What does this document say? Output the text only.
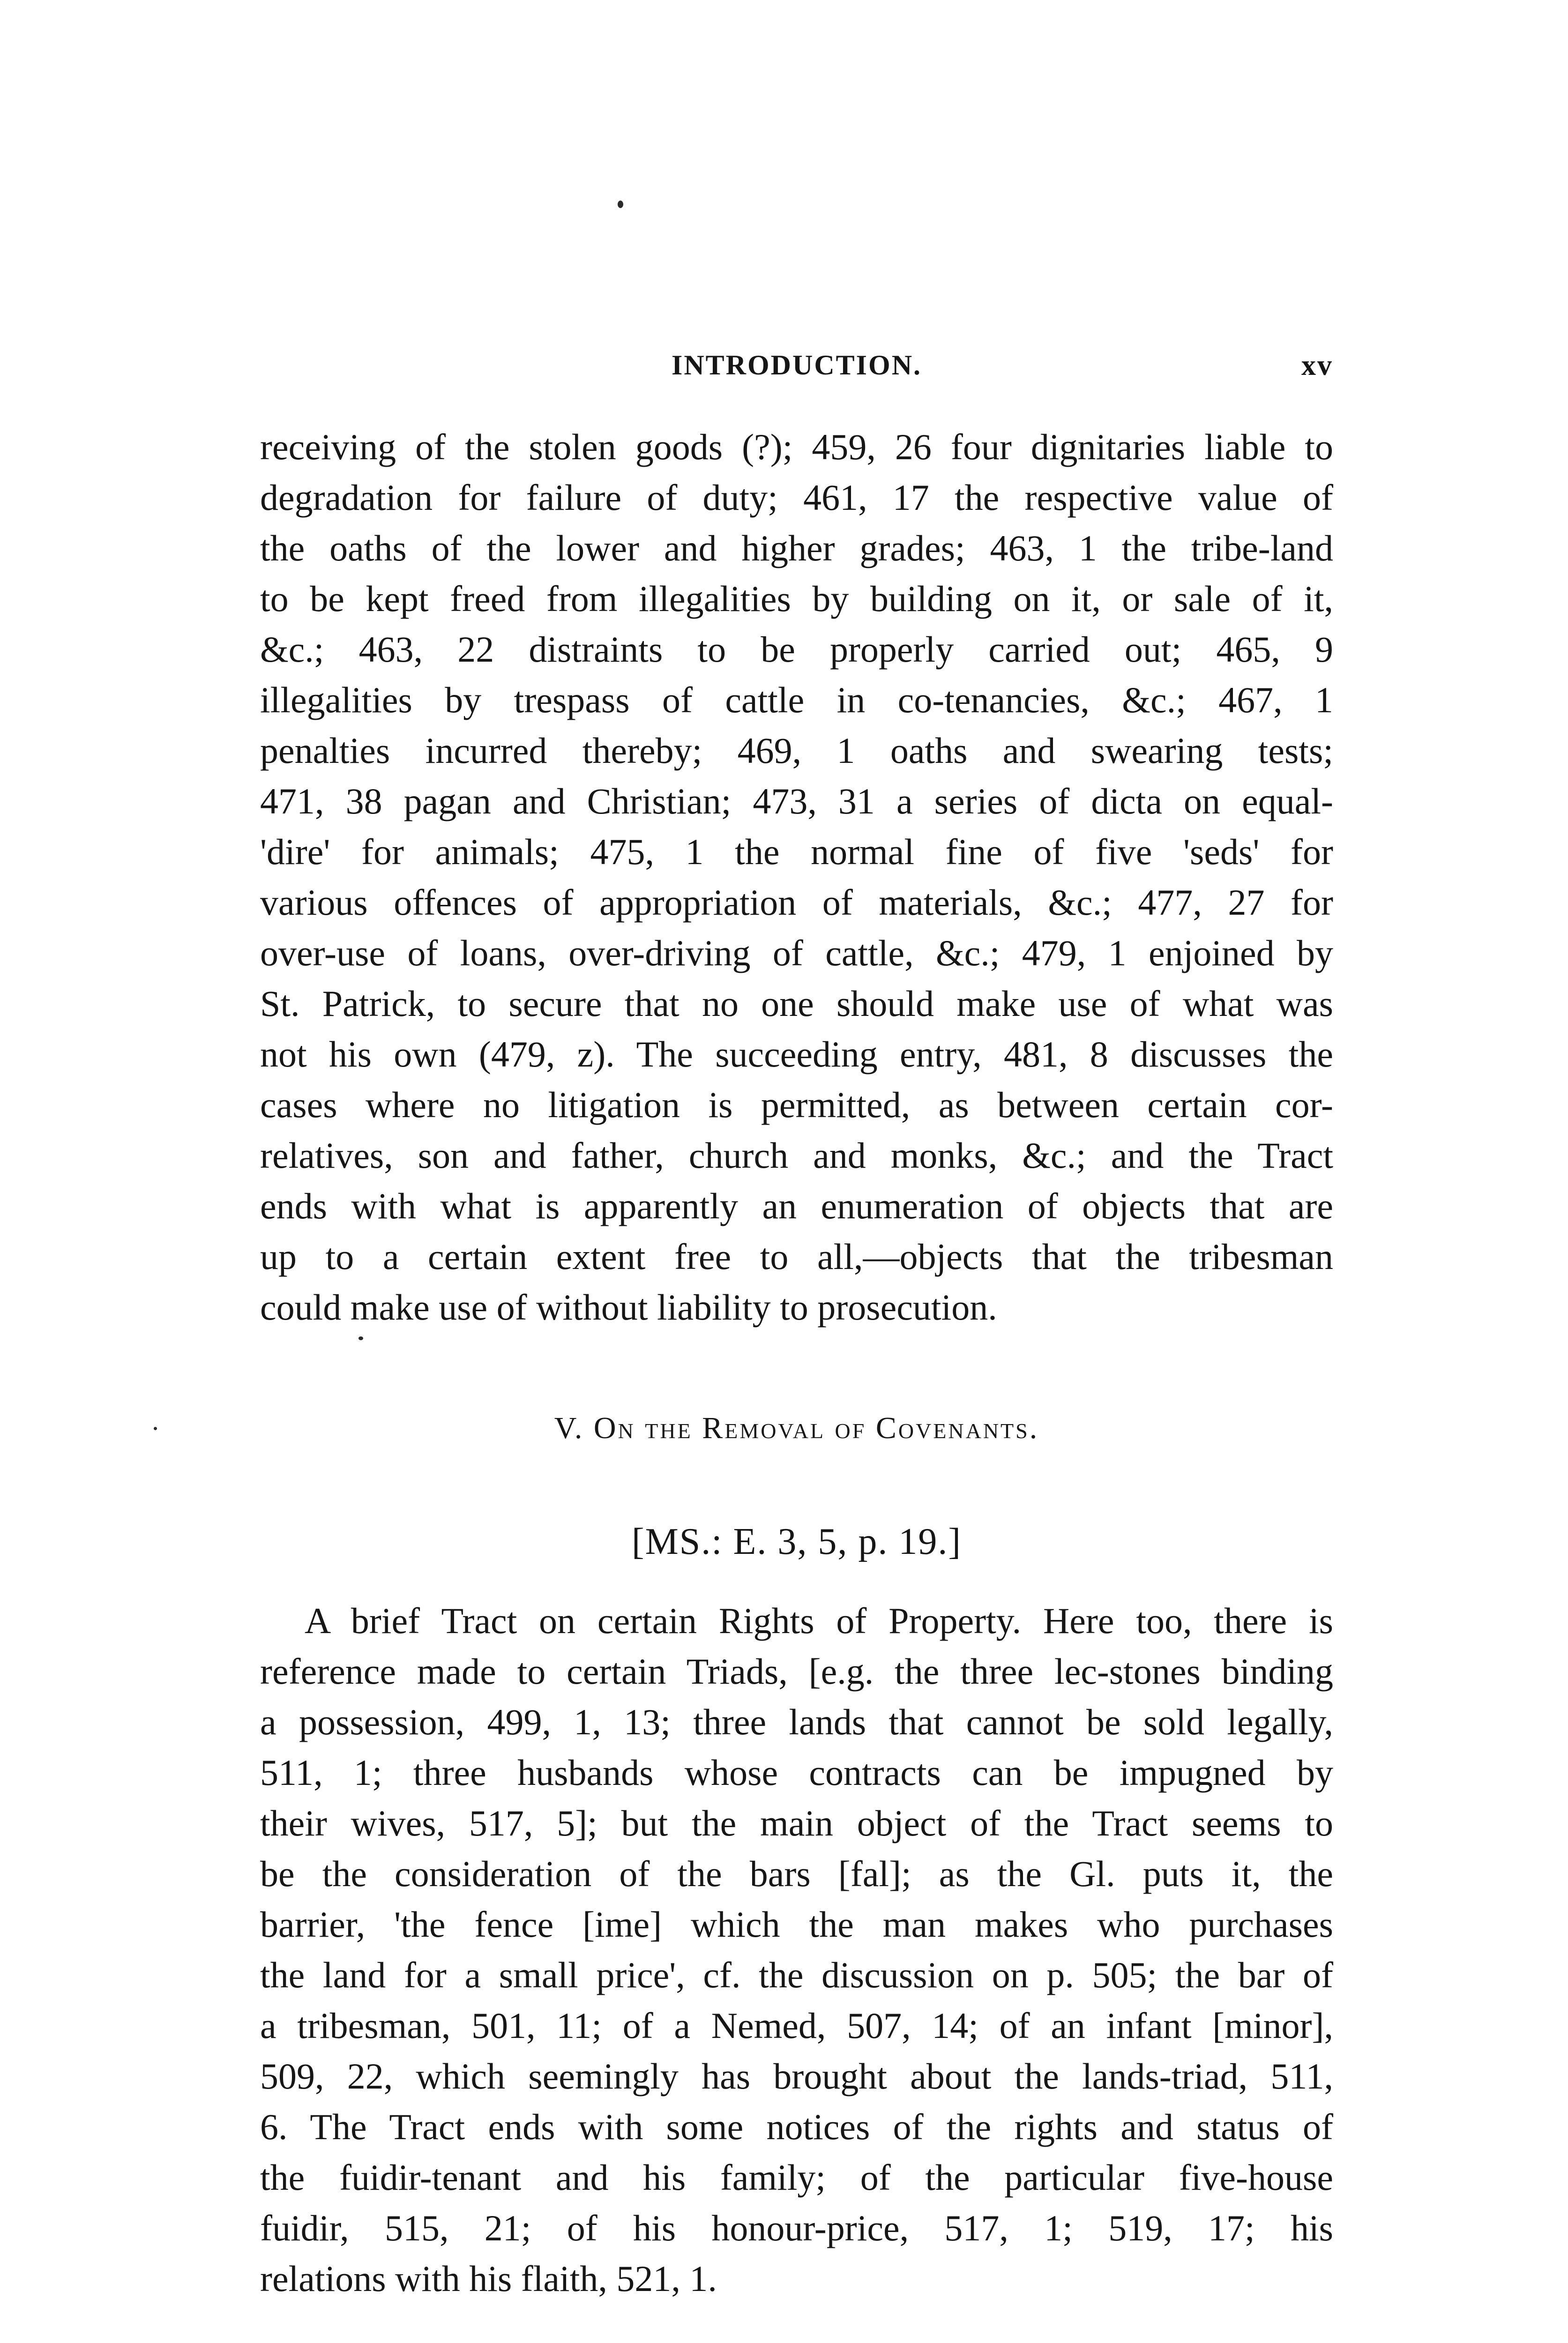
INTRODUCTION.	xv
receiving of the stolen goods (?); 459, 26 four dignitaries liable to
degradation for failure of duty; 461, 17 the respective value of
the oaths of the lower and higher grades; 463, 1 the tribe-land
to be kept freed from illegalities by building on it, or sale of it,
&c.; 463, 22 distraints to be properly carried out; 465, 9
illegalities by trespass of cattle in co-tenancies, &c.; 467, 1
penalties incurred thereby; 469, 1 oaths and swearing tests;
471, 38 pagan and Christian; 473, 31 a series of dicta on equal-
'dire' for animals; 475, 1 the normal fine of five 'seds' for
various offences of appropriation of materials, &c.; 477, 27 for
over-use of loans, over-driving of cattle, &c.; 479, 1 enjoined by
St. Patrick, to secure that no one should make use of what was
not his own (479, z). The succeeding entry, 481, 8 discusses the
cases where no litigation is permitted, as between certain cor-
relatives, son and father, church and monks, &c.; and the Tract
ends with what is apparently an enumeration of objects that are
up to a certain extent free to all,—objects that the tribesman
could make use of without liability to prosecution.
V. On the Removal of Covenants.
[MS.: E. 3, 5, p. 19.]
A brief Tract on certain Rights of Property. Here too, there is
reference made to certain Triads, [e.g. the three lec-stones binding
a possession, 499, 1, 13; three lands that cannot be sold legally,
511, 1; three husbands whose contracts can be impugned by
their wives, 517, 5]; but the main object of the Tract seems to
be the consideration of the bars [fal]; as the Gl. puts it, the
barrier, 'the fence [ime] which the man makes who purchases
the land for a small price', cf. the discussion on p. 505; the bar of
a tribesman, 501, 11; of a Nemed, 507, 14; of an infant [minor],
509, 22, which seemingly has brought about the lands-triad, 511,
6. The Tract ends with some notices of the rights and status of
the fuidir-tenant and his family; of the particular five-house
fuidir, 515, 21; of his honour-price, 517, 1; 519, 17; his
relations with his flaith, 521, 1.
